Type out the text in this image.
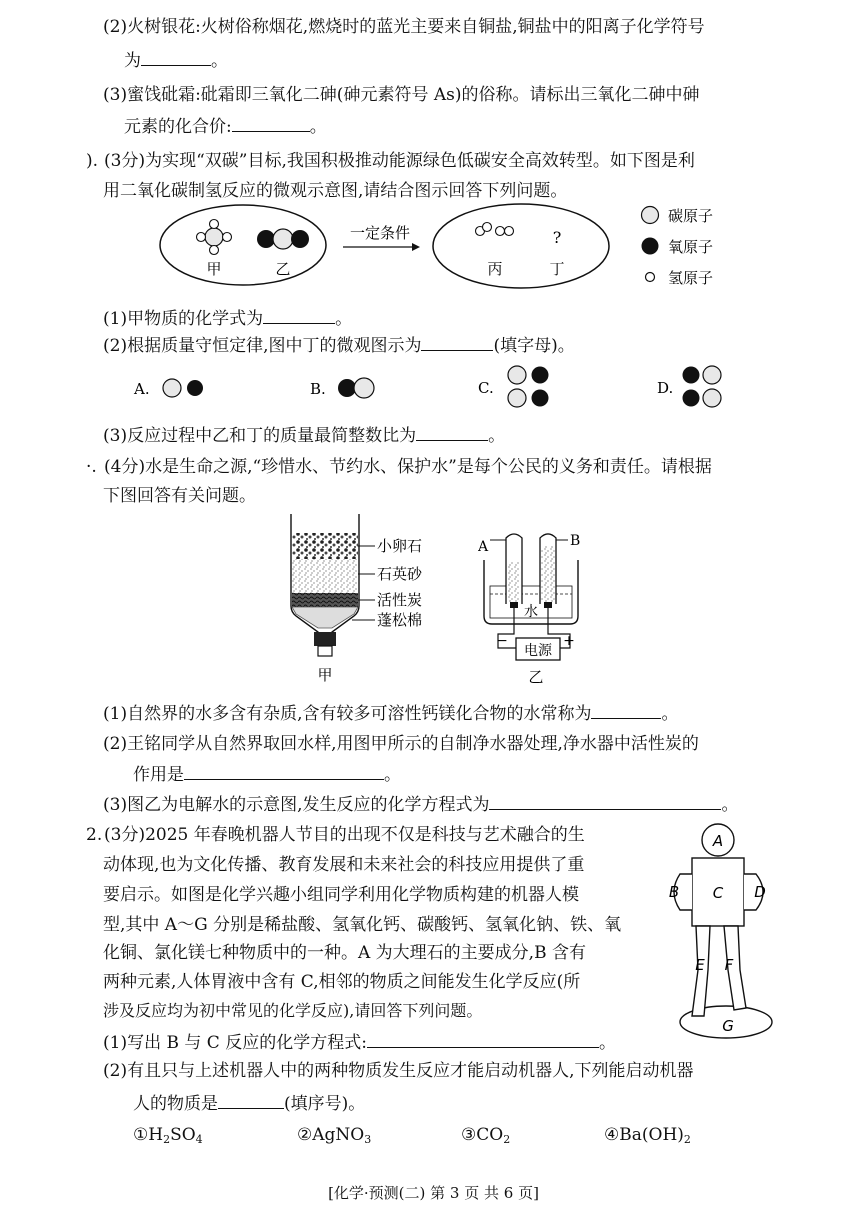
(2)火树银花:火树俗称烟花,燃烧时的蓝光主要来自铜盐,铜盐中的阳离子化学符号
为	。
(3)蜜饯砒霜:砒霜即三氧化二砷(砷元素符号 As)的俗称。请标出三氧化二砷中砷
元素的化合价:	。
). (3分)为实现“双碳”目标,我国积极推动能源绿色低碳安全高效转型。如下图是利
用二氧化碳制氢反应的微观示意图,请结合图示回答下列问题。
甲	乙
一定条件	?
丙	丁
碳原子
氧原子
氢原子
(1)甲物质的化学式为	。
(2)根据质量守恒定律,图中丁的微观图示为	(填字母)。
A.	B.	C.	D.
(3)反应过程中乙和丁的质量最简整数比为	。
·. (4分)水是生命之源,“珍惜水、节约水、保护水”是每个公民的义务和责任。请根据
下图回答有关问题。
小卵石
石英砂
活性炭
蓬松棉
甲
水
A	B
电源
−	+
乙
(1)自然界的水多含有杂质,含有较多可溶性钙镁化合物的水常称为	。
(2)王铭同学从自然界取回水样,用图甲所示的自制净水器处理,净水器中活性炭的
作用是	。
(3)图乙为电解水的示意图,发生反应的化学方程式为	。
2. (3分)2025 年春晚机器人节目的出现不仅是科技与艺术融合的生
动体现,也为文化传播、教育发展和未来社会的科技应用提供了重
要启示。如图是化学兴趣小组同学利用化学物质构建的机器人模
型,其中 A～G 分别是稀盐酸、氢氧化钙、碳酸钙、氢氧化钠、铁、氧
化铜、氯化镁七种物质中的一种。A 为大理石的主要成分,B 含有
两种元素,人体胃液中含有 C,相邻的物质之间能发生化学反应(所
涉及反应均为初中常见的化学反应),请回答下列问题。
A
C
B	D
G
E F
(1)写出 B 与 C 反应的化学方程式:	。
(2)有且只与上述机器人中的两种物质发生反应才能启动机器人,下列能启动机器
人的物质是	(填序号)。
$①H_2SO_4$	②AgNO$_3$	$③CO_2$	$④Ba(OH)_2$
[化学·预测(二) 第 3 页 共 6 页]
